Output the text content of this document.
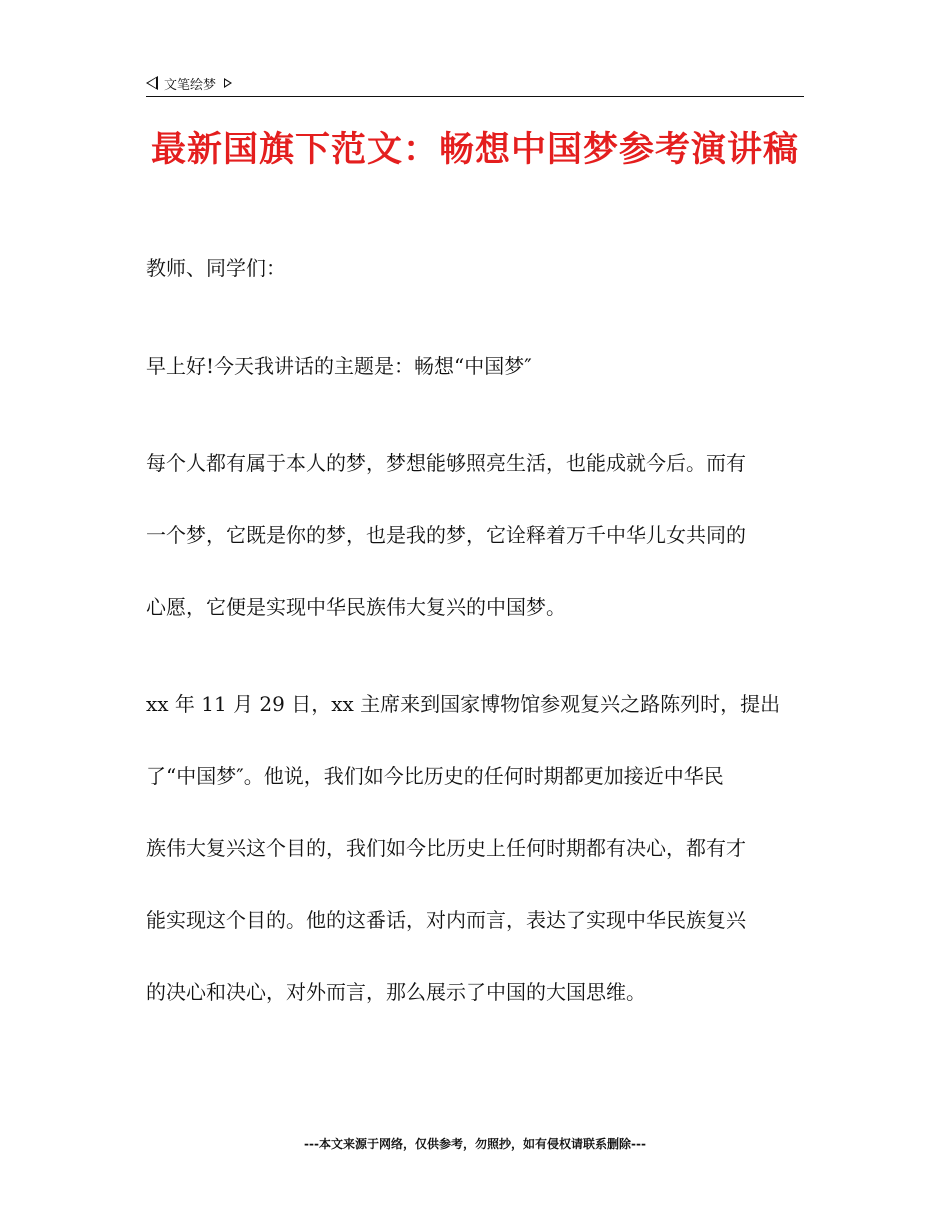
文笔绘梦
最新国旗下范文：畅想中国梦参考演讲稿

教师、同学们：

早上好!今天我讲话的主题是：畅想“中国梦″
每个人都有属于本人的梦，梦想能够照亮生活，也能成就今后。而有
一个梦，它既是你的梦，也是我的梦，它诠释着万千中华儿女共同的
心愿，它便是实现中华民族伟大复兴的中国梦。
xx 年 11 月 29 日，xx 主席来到国家博物馆参观复兴之路陈列时，提出
了“中国梦″。他说，我们如今比历史的任何时期都更加接近中华民
族伟大复兴这个目的，我们如今比历史上任何时期都有决心，都有才
能实现这个目的。他的这番话，对内而言，表达了实现中华民族复兴
的决心和决心，对外而言，那么展示了中国的大国思维。
---本文来源于网络，仅供参考，勿照抄，如有侵权请联系删除---
